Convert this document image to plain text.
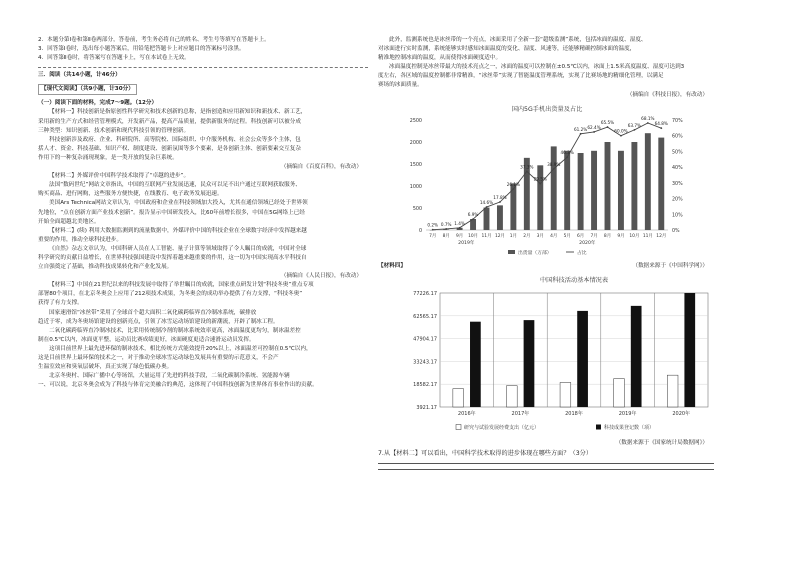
2．本题分第Ⅰ卷和第Ⅱ卷两部分，答卷前，考生务必将自己的姓名、考生号等填写在答题卡上。
3．回答第Ⅰ卷时，选出每小题答案后，用铅笔把答题卡上对应题目的答案标号涂黑。
4．回答第Ⅱ卷时，将答案写在答题卡上，写在本试卷上无效。
三．阅读（共14小题，计46分）
【现代文阅读】（共9小题，计30分）
（一）阅读下面的材料，完成7～9题。（12分）
【材料一】科技创新是指原创性科学研究和技术创新的总称，是指创造和应用新知识和新技术、新工艺，
采用新的生产方式和经营管理模式，开发新产品，提高产品质量，提供新服务的过程。科技创新可以被分成
三种类型：知识创新、技术创新和现代科技引领的管理创新。
科技创新涉及政府、企业、科研院所、高等院校、国际组织、中介服务机构、社会公众等多个主体，包
括人才、资金、科技基础、知识产权、制度建设、创新氛围等多个要素，是各创新主体、创新要素交互复杂
作用下的一种复杂涌现现象，是一类开放的复杂巨系统。
（摘编自《百度百科》，有改动）
【材料二】外媒评价中国科学技术取得了“卓越的进步”。
法国“数码世纪”网站文章指出，中国的互联网产业发展迅速，民众可以足不出户通过互联网获取服务、
购买商品、进行网购，这些服务方便快捷，在线教育、电子政务发展迅速。
美国Ars Technica网站文章认为，中国政府和企业在科技领域加大投入，尤其在通信领域已经处于世界领
先地位，“点在创新方面产业技术创新”。报告显示中国研发投入，比60年前增长很多，中国在5G网络上已经
开始全面超越北美地区。
【材料二】(续) 利用大数据监测到的流量数据中，外媒评价中国的科技企业在全球数字经济中发挥越来越
重要的作用，推动全球科技进步。
《自然》杂志文章认为，中国科研人员在人工智能、量子计算等领域取得了令人瞩目的成就，中国对全球
科学研究的贡献日益增长，在世界科技强国建设中发挥着越来越重要的作用，这一切为中国实现高水平科技自
立自强奠定了基础，推动科技成果转化和产业化发展。
（摘编自《人民日报》，有改动）
【材料三】中国在21世纪以来的科技发展中取得了举世瞩目的成就，国家重点研发计划“科技冬奥”重点专项
部署80个项目，在北京冬奥会上应用了212项技术成果，为冬奥会的成功举办提供了有力支撑，“科技冬奥”
获得了有力支撑。
国家速滑馆“冰丝带”采用了全球首个超大面积二氧化碳跨临界直冷制冰系统，碳排放
趋近于零，成为冬奥场馆建设的创新亮点，引领了冰雪运动场馆建设的新潮流，开辟了制冰工程。
二氧化碳跨临界直冷制冰技术，比采用传统制冷剂的制冰系统效率更高，冰面温度更均匀，制冰温差控
制在0.5℃以内，冰面更平整，运动员比赛成绩更好，冰面硬度更适合速滑运动员发挥。
这项目前世界上最先进环保的制冰技术，相比传统方式能效提升20%以上，冰面温差可控制在0.5℃以内，
这是目前世界上最环保的技术之一，对于推动全球冰雪运动绿色发展具有重要的示范意义，不会产
生温室效应和臭氧层破坏，真正实现了绿色低碳办奥。
北京冬奥村、国际广播中心等场馆，大量运用了先进的科技手段，二氧化碳制冷系统、氢能源车辆
一、可以说，北京冬奥会成为了科技与体育完美融合的典范，这体现了中国科技创新为世界体育事业作出的贡献。
此外，监测系统也是冰丝带的一个亮点，冰面采用了全新一套“超级监测”系统，包括冰面的温度、湿度、
对冰面进行实时监测，系统能够实时感知冰面温度的变化、湿度、风速等，还能够精确控制冰面的温度，
精准地控制冰面的温度，从而使得冰面硬度适中。
冰面温度控制是冰丝带最大的技术亮点之一，冰面的温度可以控制在±0.5℃以内，冰面上1.5米高度温度、湿度可达到3
度左右，各区域的温度控制都非常精准，“冰丝带”实现了智能温度管理系统，实现了比赛场地的精细化管理，以满足
赛场的冰面质量。
（摘编自《科技日报》，有改动）
国内5G手机出货量及占比
0
500
1000
1500
2000
2500
0%
10%
20%
30%
40%
50%
60%
70%
0.2% 0.7% 1.4%
6.9%
14.6%
17.8%
26.1%
37.3%
29.5%
38.9%
46.3%
61.2% 62.4%
65.5%
60.0%
63.7%
68.1%
64.8%
7月 8月 9月 10月 11月 12月 1月 2月 3月 4月 5月 6月 7月 8月 9月 10月 11月 12月
2019年	2020年
出货量（万部）	占比
【材料四】	（数据来源于《中国科学网》）
中国科技活动基本情况表
3921.17
18582.17
33243.17
47904.17
62565.17
77226.17
2016年	2017年	2018年	2019年	2020年
研究与试验发展经费支出（亿元）	科技成果登记数（项）
（数据来源于《国家统计局数据网》）
7.从【材料二】可以看出，中国科学技术取得的进步体现在哪些方面？（3分）
